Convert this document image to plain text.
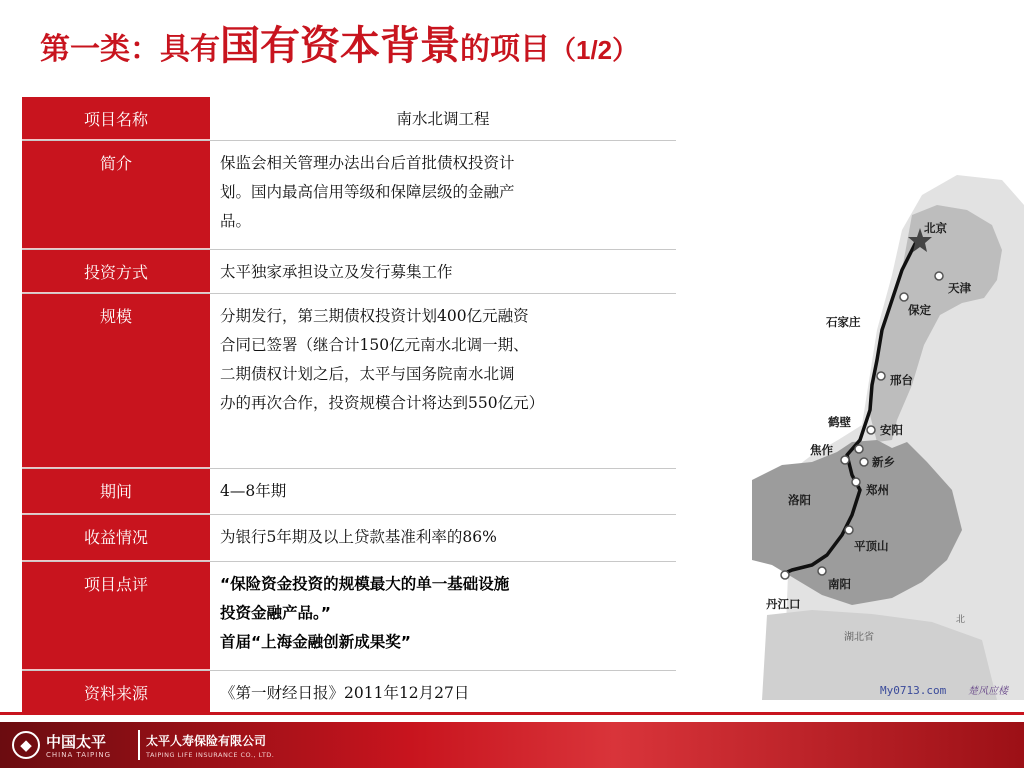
第一类：具有 国有资本背景 的项目 （1/2）
项目名称	南水北调工程
简介	保监会相关管理办法出台后首批债权投资计
划。国内最高信用等级和保障层级的金融产
品。
投资方式	太平独家承担设立及发行募集工作
规模	分期发行，第三期债权投资计划400亿元融资
合同已签署（继合计150亿元南水北调一期、
二期债权计划之后，太平与国务院南水北调
办的再次合作，投资规模合计将达到550亿元）
期间	4—8年期
收益情况	为银行5年期及以上贷款基准利率的86%
项目点评	“保险资金投资的规模最大的单一基础设施
投资金融产品。”
首届“上海金融创新成果奖”
资料来源	《第一财经日报》2011年12月27日
北京
天津
保定
石家庄
邢台
安阳
鹤壁
焦作
新乡
郑州
洛阳
平顶山
南阳
丹江口
湖北省
北
My0713.com 楚风应楼
◆ 中国太平
CHINA TAIPING
太平人寿保险有限公司
TAIPING LIFE INSURANCE CO., LTD.
